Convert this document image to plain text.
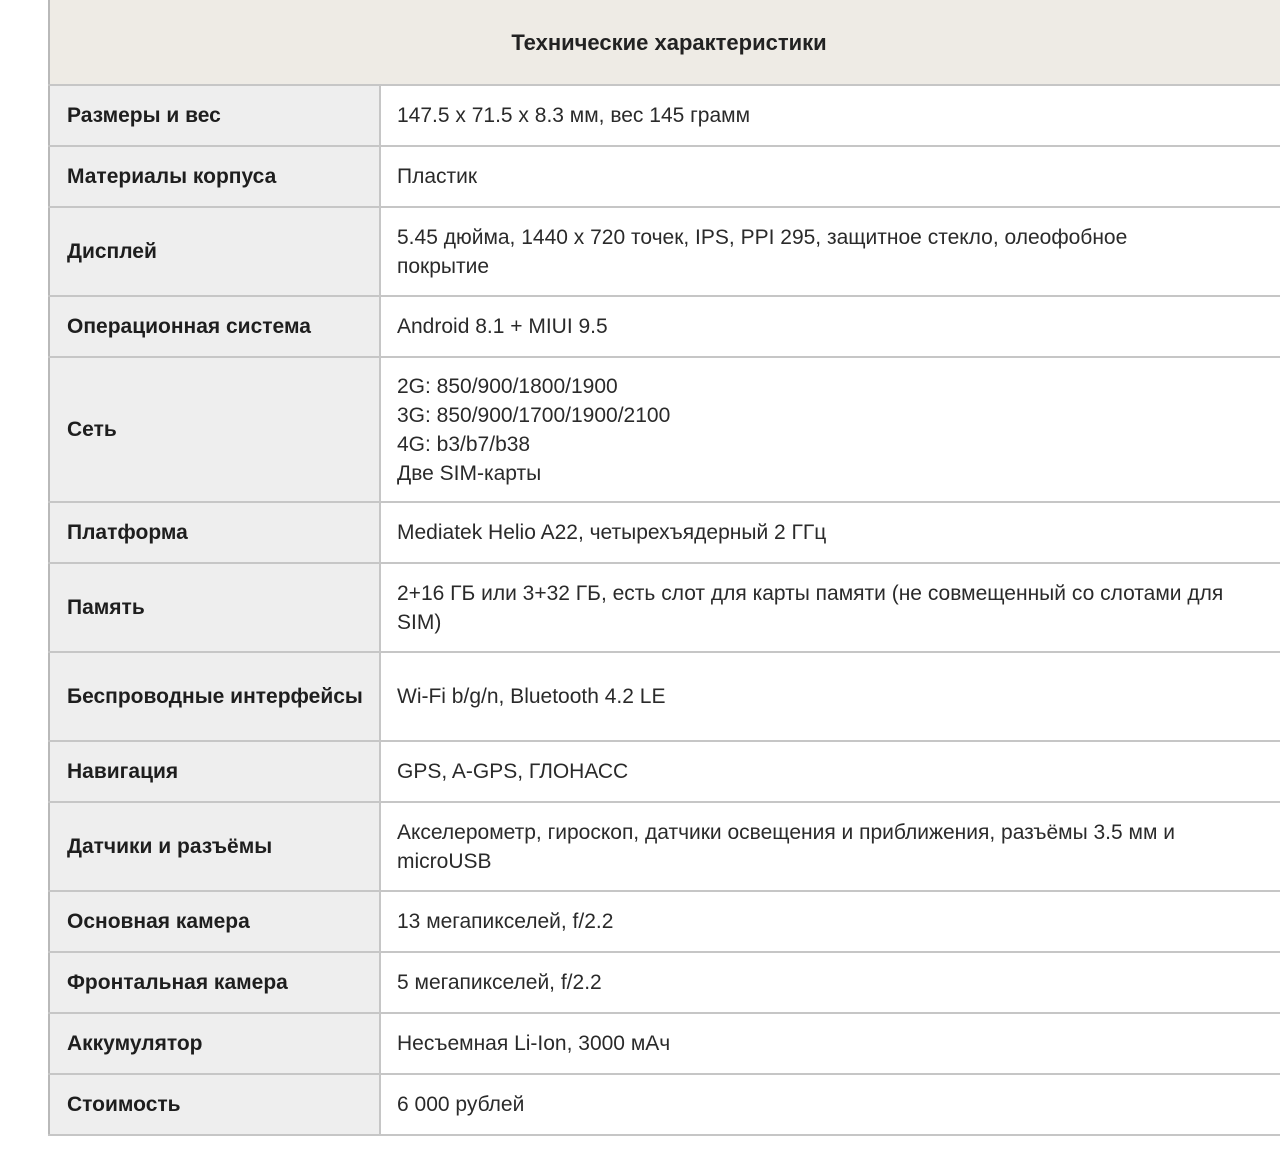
Технические характеристики	
Размеры и вес	147.5 x 71.5 x 8.3 мм, вес 145 грамм

Материалы корпуса	Пластик

Дисплей	5.45 дюйма, 1440 x 720 точек, IPS, PPI 295, защитное стекло, олеофобное
покрытие

Операционная система	Android 8.1 + MIUI 9.5

Сеть	2G: 850/900/1800/1900
3G: 850/900/1700/1900/2100
4G: b3/b7/b38
Две SIM-карты

Платформа	Mediatek Helio A22, четырехъядерный 2 ГГц

Память	2+16 ГБ или 3+32 ГБ, есть слот для карты памяти (не совмещенный со слотами для
SIM)

Беспроводные интерфейсы	Wi-Fi b/g/n, Bluetooth 4.2 LE

Навигация	GPS, A-GPS, ГЛОНАСС

Датчики и разъёмы	Акселерометр, гироскоп, датчики освещения и приближения, разъёмы 3.5 мм и
microUSB

Основная камера	13 мегапикселей, f/2.2

Фронтальная камера	5 мегапикселей, f/2.2

Аккумулятор	Несъемная Li-Ion, 3000 мАч

Стоимость	6 000 рублей
